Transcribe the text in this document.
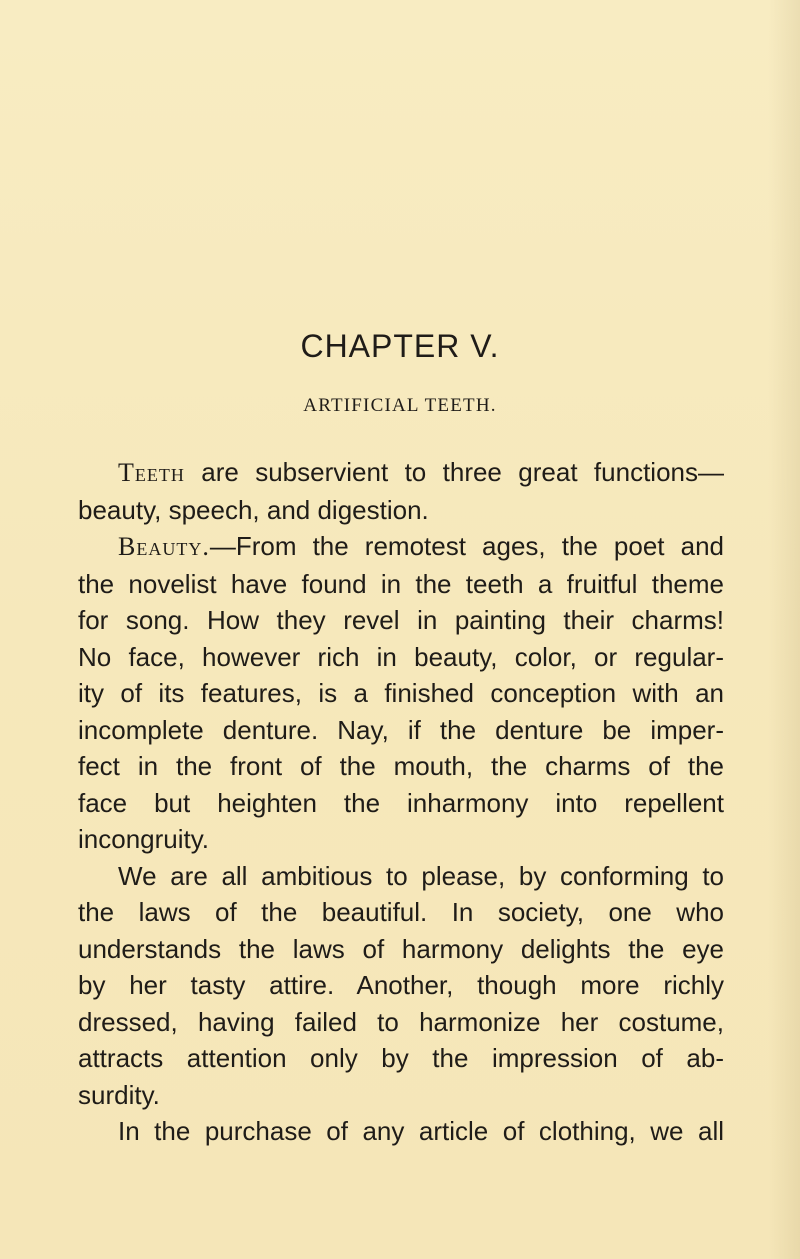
CHAPTER V.
ARTIFICIAL TEETH.
Teeth are subservient to three great functions—
beauty, speech, and digestion.
Beauty.—From the remotest ages, the poet and
the novelist have found in the teeth a fruitful theme
for song. How they revel in painting their charms!
No face, however rich in beauty, color, or regular-
ity of its features, is a finished conception with an
incomplete denture. Nay, if the denture be imper-
fect in the front of the mouth, the charms of the
face but heighten the inharmony into repellent
incongruity.
We are all ambitious to please, by conforming to
the laws of the beautiful. In society, one who
understands the laws of harmony delights the eye
by her tasty attire. Another, though more richly
dressed, having failed to harmonize her costume,
attracts attention only by the impression of ab-
surdity.
In the purchase of any article of clothing, we all
